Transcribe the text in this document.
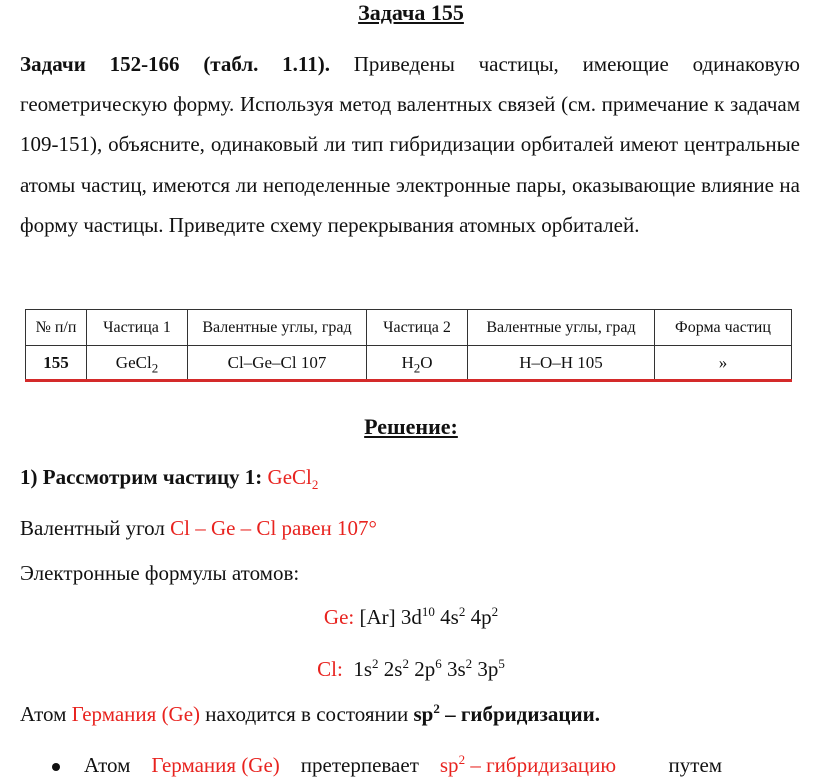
Задача 155
Задачи 152-166 (табл. 1.11). Приведены частицы, имеющие одинаковую геометрическую форму. Используя метод валентных связей (см. примечание к задачам 109-151), объясните, одинаковый ли тип гибридизации орбиталей имеют центральные атомы частиц, имеются ли неподеленные электронные пары, оказывающие влияние на форму частицы. Приведите схему перекрывания атомных орбиталей.
№ п/п	Частица 1	Валентные углы, град	Частица 2	Валентные углы, град	Форма частиц
155	GeCl$_2$	Cl–Ge–Cl 107	$H_2O$	H–O–H 105	»
Решение:
1) Рассмотрим частицу 1: GeCl$_2$
Валентный угол Cl – Ge – Cl равен 107°
Электронные формулы атомов:
Ge: [Ar] $3d^{10}$ $4s^2$ $4p^2$
Cl:  $1s^2$ $2s^2$ $2p^6$ $3s^2$ $3p^5$
Атом Германия (Ge) находится в состоянии $sp^2$ – гибридизации.
Атом    Германия (Ge)    претерпевает    $sp^2$ – гибридизацию          путем
